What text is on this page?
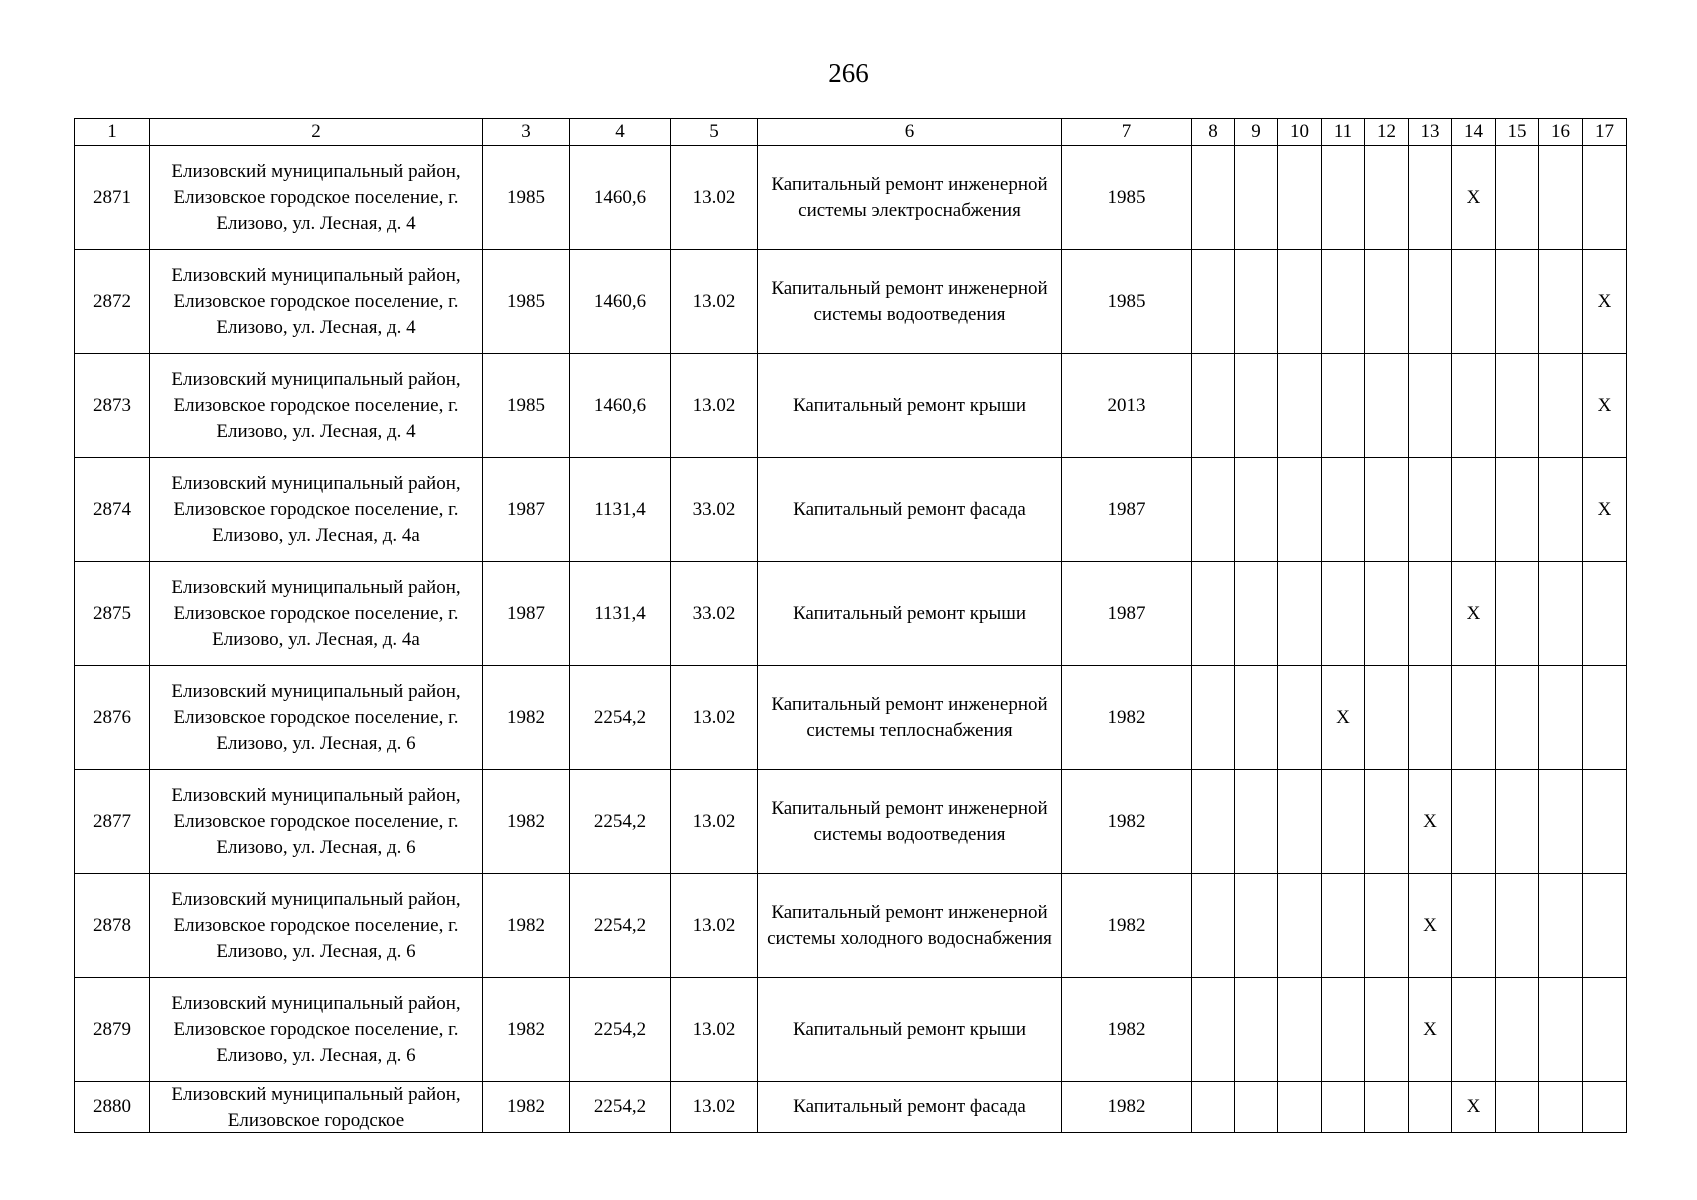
266
1	2	3	4	5	6	7	8	9	10	11	12	13	14	15	16	17
2871	Елизовский муниципальный район, Елизовское городское поселение, г. Елизово, ул. Лесная, д. 4	1985	1460,6	13.02	Капитальный ремонт инженерной системы электроснабжения	1985							X			
2872	Елизовский муниципальный район, Елизовское городское поселение, г. Елизово, ул. Лесная, д. 4	1985	1460,6	13.02	Капитальный ремонт инженерной системы водоотведения	1985										X
2873	Елизовский муниципальный район, Елизовское городское поселение, г. Елизово, ул. Лесная, д. 4	1985	1460,6	13.02	Капитальный ремонт крыши	2013										X
2874	Елизовский муниципальный район, Елизовское городское поселение, г. Елизово, ул. Лесная, д. 4а	1987	1131,4	33.02	Капитальный ремонт фасада	1987										X
2875	Елизовский муниципальный район, Елизовское городское поселение, г. Елизово, ул. Лесная, д. 4а	1987	1131,4	33.02	Капитальный ремонт крыши	1987							X			
2876	Елизовский муниципальный район, Елизовское городское поселение, г. Елизово, ул. Лесная, д. 6	1982	2254,2	13.02	Капитальный ремонт инженерной системы теплоснабжения	1982				X						
2877	Елизовский муниципальный район, Елизовское городское поселение, г. Елизово, ул. Лесная, д. 6	1982	2254,2	13.02	Капитальный ремонт инженерной системы водоотведения	1982						X				
2878	Елизовский муниципальный район, Елизовское городское поселение, г. Елизово, ул. Лесная, д. 6	1982	2254,2	13.02	Капитальный ремонт инженерной системы холодного водоснабжения	1982						X				
2879	Елизовский муниципальный район, Елизовское городское поселение, г. Елизово, ул. Лесная, д. 6	1982	2254,2	13.02	Капитальный ремонт крыши	1982						X				
2880	Елизовский муниципальный район, Елизовское городское	1982	2254,2	13.02	Капитальный ремонт фасада	1982							X			
